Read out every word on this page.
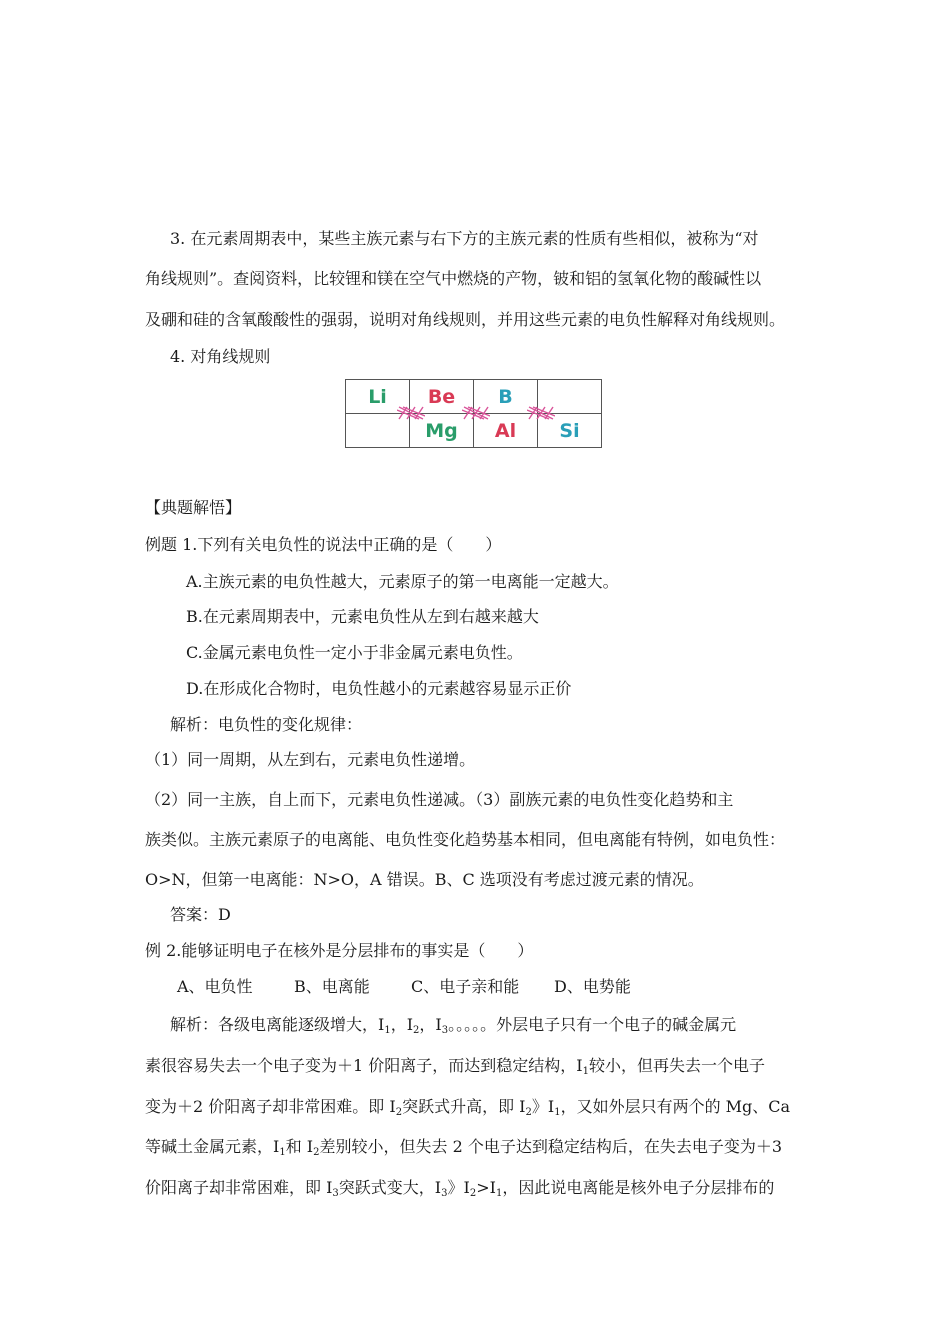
3. 在元素周期表中，某些主族元素与右下方的主族元素的性质有些相似，被称为“对
角线规则”。查阅资料，比较锂和镁在空气中燃烧的产物，铍和铝的氢氧化物的酸碱性以
及硼和硅的含氧酸酸性的强弱，说明对角线规则，并用这些元素的电负性解释对角线规则。
4. 对角线规则
Li	Be	B	
	Mg	Al	Si
【典题解悟】
例题 1.下列有关电负性的说法中正确的是（　　）
A.主族元素的电负性越大，元素原子的第一电离能一定越大。
B.在元素周期表中，元素电负性从左到右越来越大
C.金属元素电负性一定小于非金属元素电负性。
D.在形成化合物时，电负性越小的元素越容易显示正价
解析：电负性的变化规律：
（1）同一周期，从左到右，元素电负性递增。
（2）同一主族，自上而下，元素电负性递减。（3）副族元素的电负性变化趋势和主
族类似。主族元素原子的电离能、电负性变化趋势基本相同，但电离能有特例，如电负性：
O>N，但第一电离能：N>O，A 错误。B、C 选项没有考虑过渡元素的情况。
答案：D
例 2.能够证明电子在核外是分层排布的事实是（　　）
A、电负性	B、电离能	C、电子亲和能 D、电势能
解析：各级电离能逐级增大，$I_1$，$I_2$，$I_3$。。。。。外层电子只有一个电子的碱金属元
素很容易失去一个电子变为＋1 价阳离子，而达到稳定结构，$I_1$较小，但再失去一个电子
变为＋2 价阳离子却非常困难。即 $I_2$突跃式升高，即 $I_2$》$I_1$，又如外层只有两个的 Mg、Ca
等碱土金属元素，$I_1$和 $I_2$差别较小，但失去 2 个电子达到稳定结构后，在失去电子变为＋3
价阳离子却非常困难，即 $I_3$突跃式变大，$I_3$》$I_2>I_1$，因此说电离能是核外电子分层排布的
